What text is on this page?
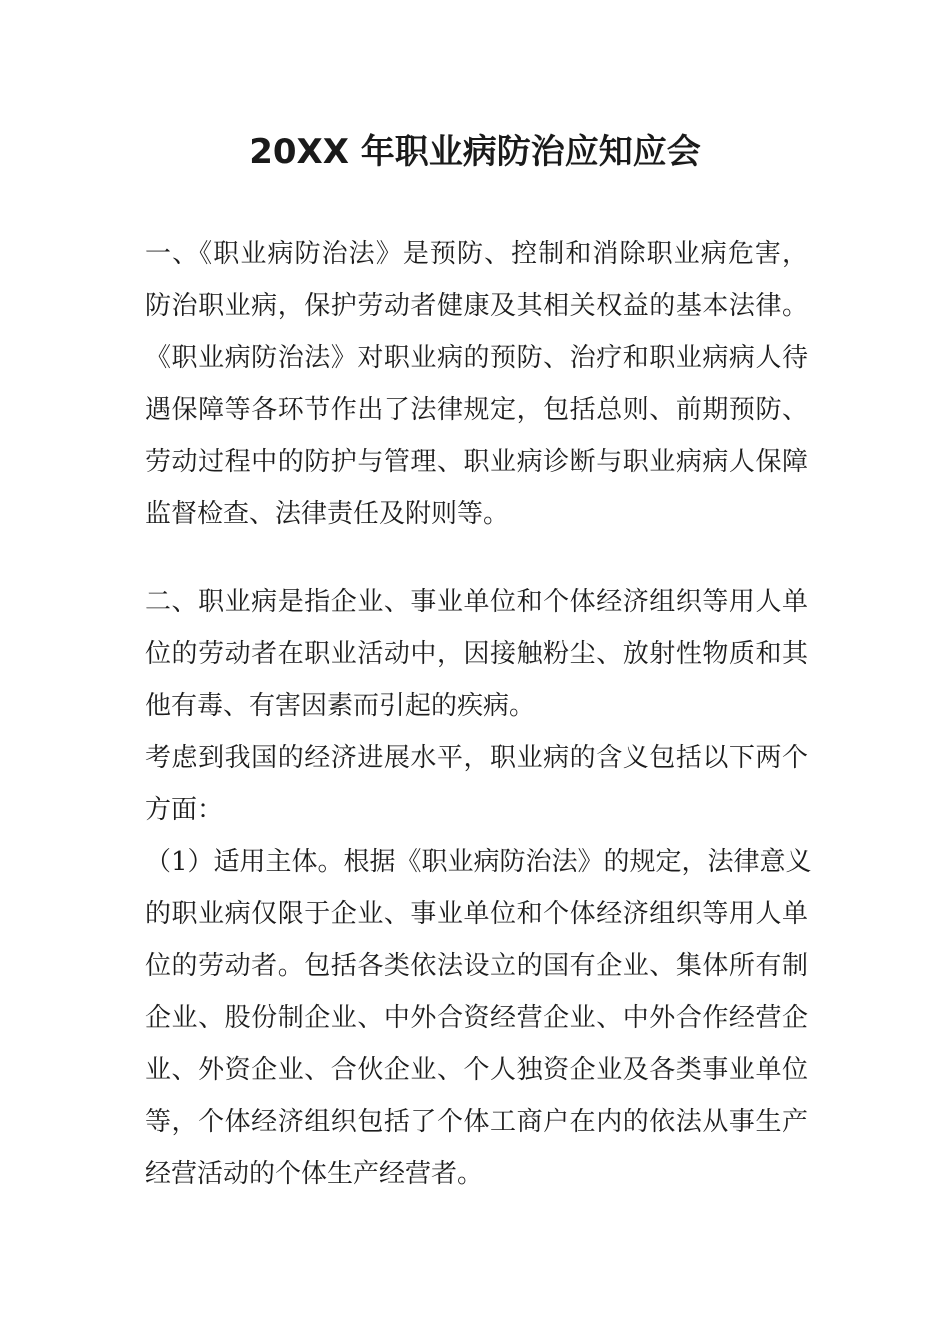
20XX 年职业病防治应知应会
一、《职业病防治法》是预防、控制和消除职业病危害，
防治职业病，保护劳动者健康及其相关权益的基本法律。
《职业病防治法》对职业病的预防、治疗和职业病病人待
遇保障等各环节作出了法律规定，包括总则、前期预防、
劳动过程中的防护与管理、职业病诊断与职业病病人保障
监督检查、法律责任及附则等。
二、职业病是指企业、事业单位和个体经济组织等用人单
位的劳动者在职业活动中，因接触粉尘、放射性物质和其
他有毒、有害因素而引起的疾病。
考虑到我国的经济进展水平，职业病的含义包括以下两个
方面：
（1）适用主体。根据《职业病防治法》的规定，法律意义
的职业病仅限于企业、事业单位和个体经济组织等用人单
位的劳动者。包括各类依法设立的国有企业、集体所有制
企业、股份制企业、中外合资经营企业、中外合作经营企
业、外资企业、合伙企业、个人独资企业及各类事业单位
等，个体经济组织包括了个体工商户在内的依法从事生产
经营活动的个体生产经营者。
